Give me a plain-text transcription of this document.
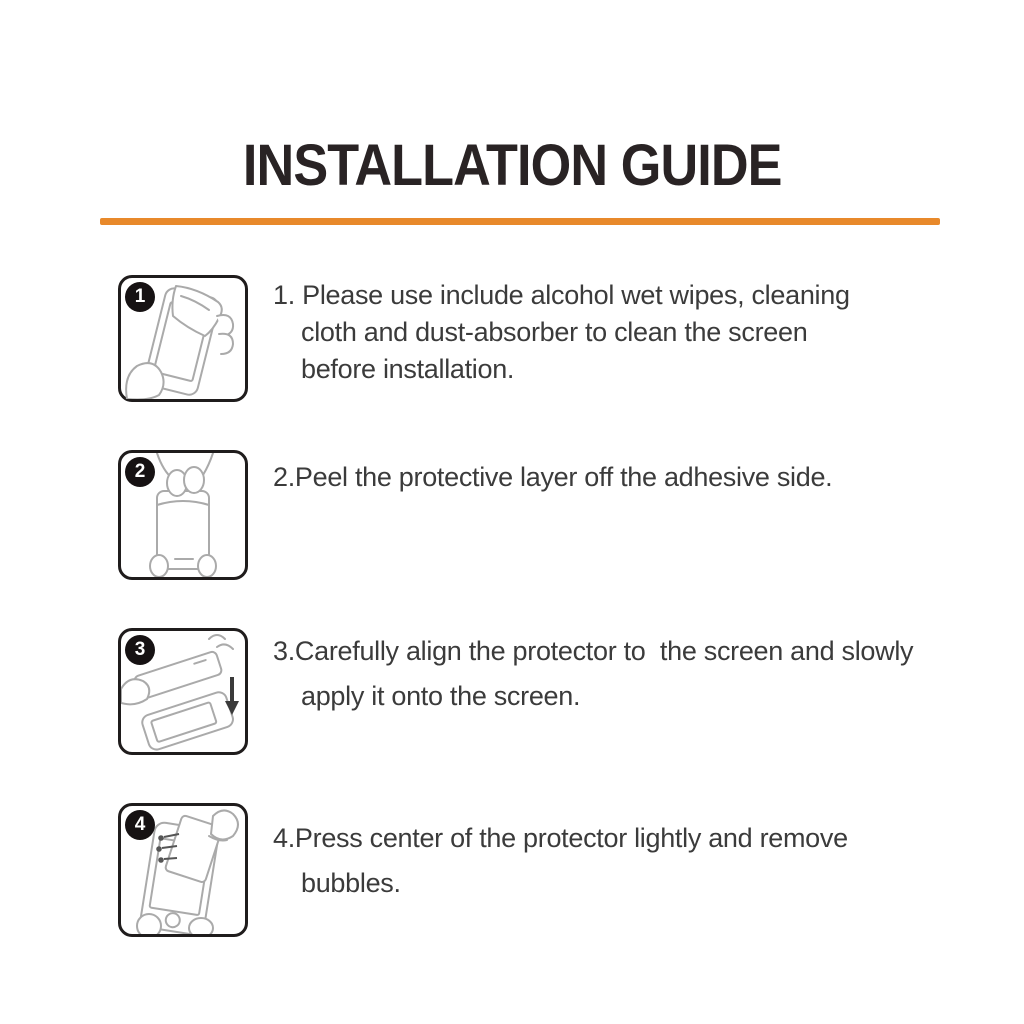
INSTALLATION GUIDE
1	1. Please use include alcohol wet wipes, cleaning
cloth and dust-absorber to clean the screen
before installation.
2	2.Peel the protective layer off the adhesive side.
3	3.Carefully align the protector to  the screen and slowly
apply it onto the screen.
4	4.Press center of the protector lightly and remove
bubbles.
